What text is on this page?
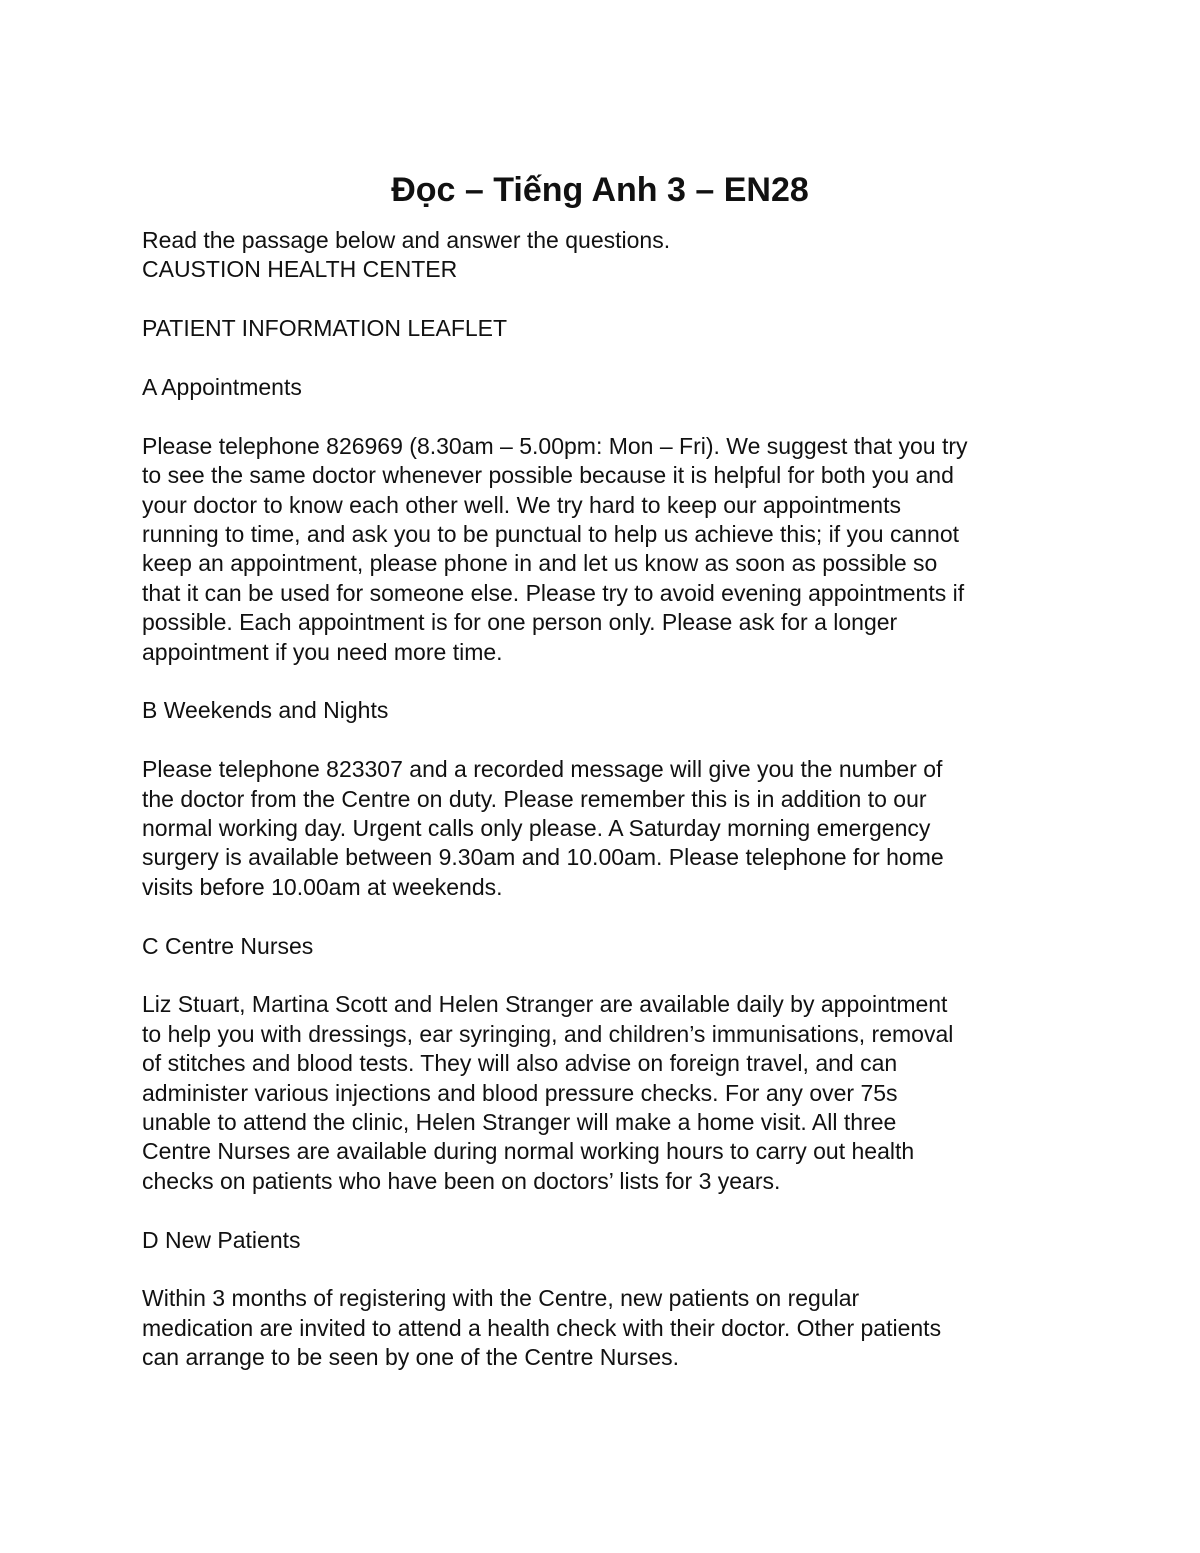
Đọc – Tiếng Anh 3 – EN28
Read the passage below and answer the questions.
CAUSTION HEALTH CENTER
PATIENT INFORMATION LEAFLET
A Appointments
Please telephone 826969 (8.30am – 5.00pm: Mon – Fri). We suggest that you try
to see the same doctor whenever possible because it is helpful for both you and
your doctor to know each other well. We try hard to keep our appointments
running to time, and ask you to be punctual to help us achieve this; if you cannot
keep an appointment, please phone in and let us know as soon as possible so
that it can be used for someone else. Please try to avoid evening appointments if
possible. Each appointment is for one person only. Please ask for a longer
appointment if you need more time.
B Weekends and Nights
Please telephone 823307 and a recorded message will give you the number of
the doctor from the Centre on duty. Please remember this is in addition to our
normal working day. Urgent calls only please. A Saturday morning emergency
surgery is available between 9.30am and 10.00am. Please telephone for home
visits before 10.00am at weekends.
C Centre Nurses
Liz Stuart, Martina Scott and Helen Stranger are available daily by appointment
to help you with dressings, ear syringing, and children’s immunisations, removal
of stitches and blood tests. They will also advise on foreign travel, and can
administer various injections and blood pressure checks. For any over 75s
unable to attend the clinic, Helen Stranger will make a home visit. All three
Centre Nurses are available during normal working hours to carry out health
checks on patients who have been on doctors’ lists for 3 years.
D New Patients
Within 3 months of registering with the Centre, new patients on regular
medication are invited to attend a health check with their doctor. Other patients
can arrange to be seen by one of the Centre Nurses.
